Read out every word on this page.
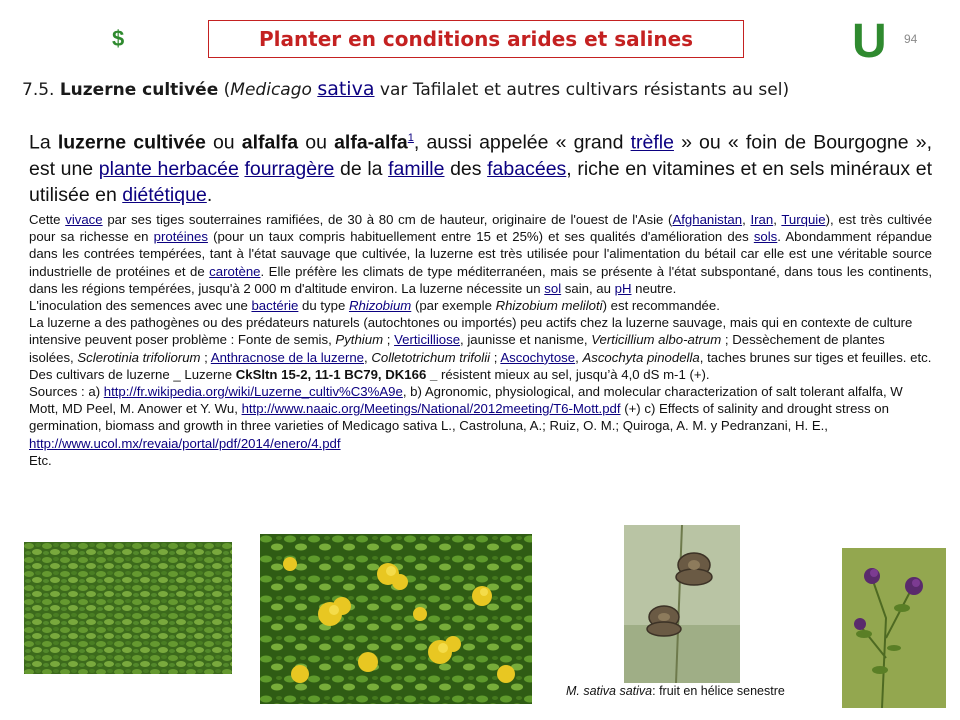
$	Planter en conditions arides et salines	U 94
7.5. Luzerne cultivée (Medicago sativa var Tafilalet et autres cultivars résistants au sel)
La luzerne cultivée ou alfalfa ou alfa-alfa$^1$, aussi appelée « grand trèfle » ou « foin de Bourgogne », est une plante herbacée fourragère de la famille des fabacées, riche en vitamines et en sels minéraux et utilisée en diététique.

Cette vivace par ses tiges souterraines ramifiées, de 30 à 80 cm de hauteur, originaire de l'ouest de l'Asie (Afghanistan, Iran, Turquie), est très cultivée pour sa richesse en protéines (pour un taux compris habituellement entre 15 et 25%) et ses qualités d'amélioration des sols. Abondamment répandue dans les contrées tempérées, tant à l'état sauvage que cultivée, la luzerne est très utilisée pour l'alimentation du bétail car elle est une véritable source industrielle de protéines et de carotène. Elle préfère les climats de type méditerranéen, mais se présente à l'état subspontané, dans tous les continents, dans les régions tempérées, jusqu'à 2 000 m d'altitude environ. La luzerne nécessite un sol sain, au pH neutre.

L'inoculation des semences avec une bactérie du type Rhizobium (par exemple Rhizobium meliloti) est recommandée.

La luzerne a des pathogènes ou des prédateurs naturels (autochtones ou importés) peu actifs chez la luzerne sauvage, mais qui en contexte de culture intensive peuvent poser problème : Fonte de semis, Pythium ; Verticilliose, jaunisse et nanisme, Verticillium albo-atrum ; Dessèchement de plantes isolées, Sclerotinia trifoliorum ; Anthracnose de la luzerne, Colletotrichum trifolii ; Ascochytose, Ascochyta pinodella, taches brunes sur tiges et feuilles. etc.

Des cultivars de luzerne _ Luzerne CkSltn 15-2, 11-1 BC79, DK166 _ résistent mieux au sel, jusqu’à 4,0 dS m-1 (+).

Sources : a) http://fr.wikipedia.org/wiki/Luzerne_cultiv%C3%A9e, b) Agronomic, physiological, and molecular characterization of salt tolerant alfalfa, W Mott, MD Peel, M. Anower et Y. Wu, http://www.naaic.org/Meetings/National/2012meeting/T6-Mott.pdf (+) c) Effects of salinity and drought stress on germination, biomass and growth in three varieties of Medicago sativa L., Castroluna, A.; Ruiz, O. M.; Quiroga, A. M. y Pedranzani, H. E., http://www.ucol.mx/revaia/portal/pdf/2014/enero/4.pdf

Etc.

M. sativa sativa: fruit en hélice senestre
